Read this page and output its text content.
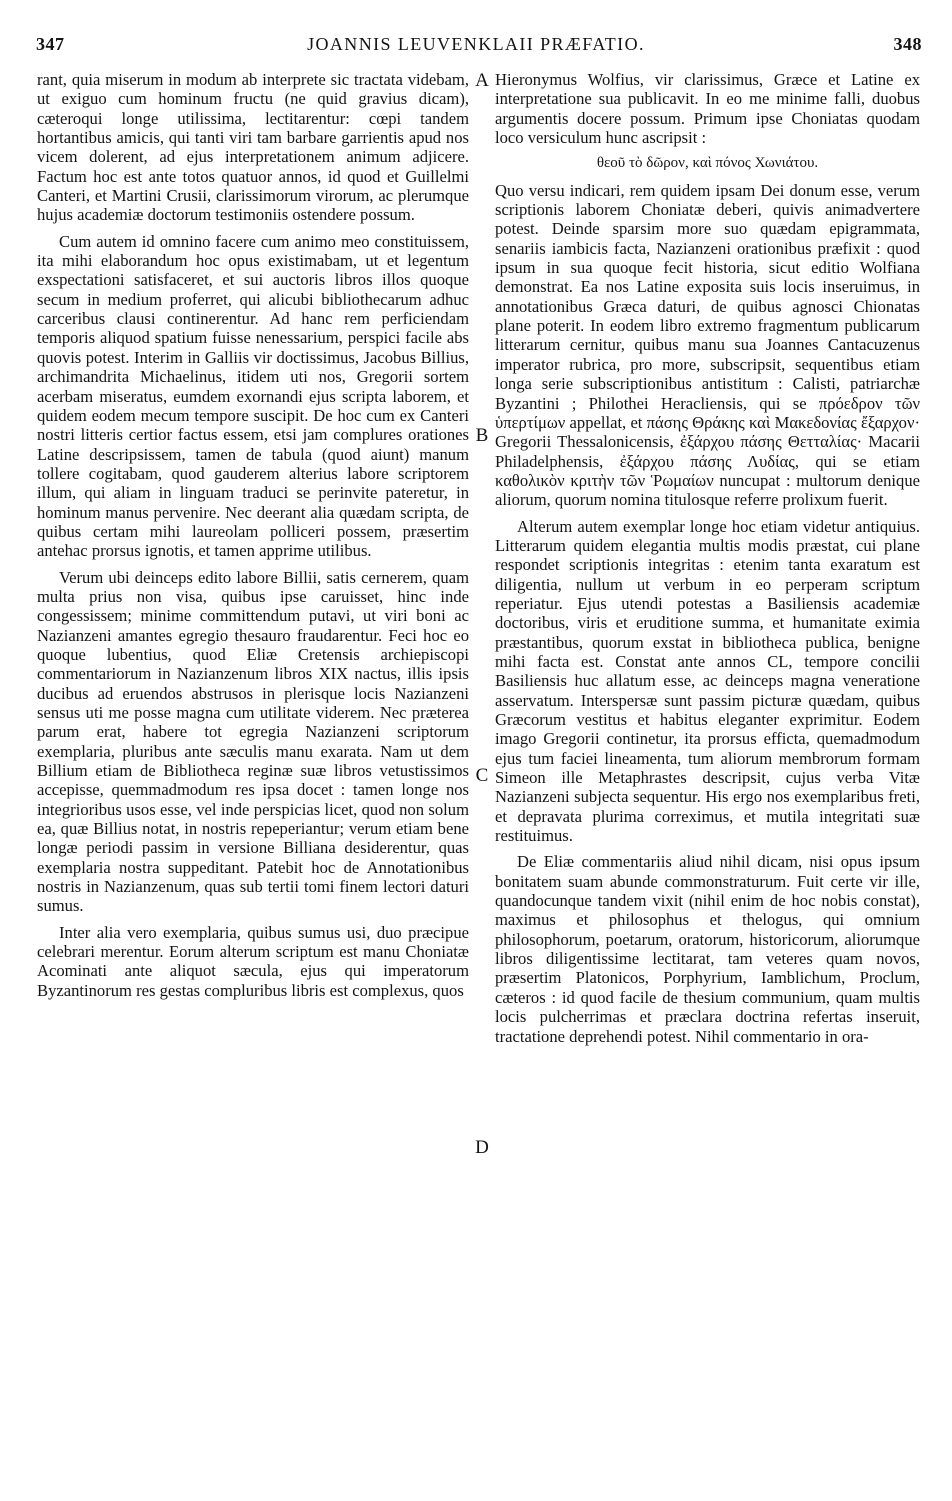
347	JOANNIS LEUVENKLAII PRÆFATIO.	348

rant, quia miserum in modum ab interprete sic tractata videbam, ut exiguo cum hominum fructu (ne quid gravius dicam), cæteroqui longe utilissima, lectitarentur: cœpi tandem hortantibus amicis, qui tanti viri tam barbare garrientis apud nos vicem dolerent, ad ejus interpretationem animum adjicere. Factum hoc est ante totos quatuor annos, id quod et Guillelmi Canteri, et Martini Crusii, clarissimorum virorum, ac plerumque hujus academiæ doctorum testimoniis ostendere possum.

Cum autem id omnino facere cum animo meo constituissem, ita mihi elaborandum hoc opus existimabam, ut et legentum exspectationi satisfaceret, et sui auctoris libros illos quoque secum in medium proferret, qui alicubi bibliothecarum adhuc carceribus clausi continerentur. Ad hanc rem perficiendam temporis aliquod spatium fuisse nenessarium, perspici facile abs quovis potest. Interim in Galliis vir doctissimus, Jacobus Billius, archimandrita Michaelinus, itidem uti nos, Gregorii sortem acerbam miseratus, eumdem exornandi ejus scripta laborem, et quidem eodem mecum tempore suscipit. De hoc cum ex Canteri nostri litteris certior factus essem, etsi jam complures orationes Latine descripsissem, tamen de tabula (quod aiunt) manum tollere cogitabam, quod gauderem alterius labore scriptorem illum, qui aliam in linguam traduci se perinvite pateretur, in hominum manus pervenire. Nec deerant alia quædam scripta, de quibus certam mihi laureolam polliceri possem, præsertim antehac prorsus ignotis, et tamen apprime utilibus.

Verum ubi deinceps edito labore Billii, satis cernerem, quam multa prius non visa, quibus ipse caruisset, hinc inde congessissem; minime committendum putavi, ut viri boni ac Nazianzeni amantes egregio thesauro fraudarentur. Feci hoc eo quoque lubentius, quod Eliæ Cretensis archiepiscopi commentariorum in Nazianzenum libros XIX nactus, illis ipsis ducibus ad eruendos abstrusos in plerisque locis Nazianzeni sensus uti me posse magna cum utilitate viderem. Nec præterea parum erat, habere tot egregia Nazianzeni scriptorum exemplaria, pluribus ante sæculis manu exarata. Nam ut dem Billium etiam de Bibliotheca reginæ suæ libros vetustissimos accepisse, quemmadmodum res ipsa docet : tamen longe nos integrioribus usos esse, vel inde perspicias licet, quod non solum ea, quæ Billius notat, in nostris repeperiantur; verum etiam bene longæ periodi passim in versione Billiana desiderentur, quas exemplaria nostra suppeditant. Patebit hoc de Annotationibus nostris in Nazianzenum, quas sub tertii tomi finem lectori daturi sumus.

Inter alia vero exemplaria, quibus sumus usi, duo præcipue celebrari merentur. Eorum alterum scriptum est manu Choniatæ Acominati ante aliquot sæcula, ejus qui imperatorum Byzantinorum res gestas compluribus libris est complexus, quos

A
B
C
D

Hieronymus Wolfius, vir clarissimus, Græce et Latine ex interpretatione sua publicavit. In eo me minime falli, duobus argumentis docere possum. Primum ipse Choniatas quodam loco versiculum hunc ascripsit :

θεοῦ τὸ δῶρον, καὶ πόνος Χωνιάτου.

Quo versu indicari, rem quidem ipsam Dei donum esse, verum scriptionis laborem Choniatæ deberi, quivis animadvertere potest. Deinde sparsim more suo quædam epigrammata, senariis iambicis facta, Nazianzeni orationibus præfixit : quod ipsum in sua quoque fecit historia, sicut editio Wolfiana demonstrat. Ea nos Latine exposita suis locis inseruimus, in annotationibus Græca daturi, de quibus agnosci Chionatas plane poterit. In eodem libro extremo fragmentum publicarum litterarum cernitur, quibus manu sua Joannes Cantacuzenus imperator rubrica, pro more, subscripsit, sequentibus etiam longa serie subscriptionibus antistitum : Calisti, patriarchæ Byzantini ; Philothei Heracliensis, qui se πρόεδρον τῶν ὑπερτίμων appellat, et πάσης Θράκης καὶ Μακεδονίας ἔξαρχον· Gregorii Thessalonicensis, ἐξάρχου πάσης Θετταλίας· Macarii Philadelphensis, ἐξάρχου πάσης Λυδίας, qui se etiam καθολικὸν κριτὴν τῶν Ῥωμαίων nuncupat : multorum denique aliorum, quorum nomina titulosque referre prolixum fuerit.

Alterum autem exemplar longe hoc etiam videtur antiquius. Litterarum quidem elegantia multis modis præstat, cui plane respondet scriptionis integritas : etenim tanta exaratum est diligentia, nullum ut verbum in eo perperam scriptum reperiatur. Ejus utendi potestas a Basiliensis academiæ doctoribus, viris et eruditione summa, et humanitate eximia præstantibus, quorum exstat in bibliotheca publica, benigne mihi facta est. Constat ante annos CL, tempore concilii Basiliensis huc allatum esse, ac deinceps magna veneratione asservatum. Interspersæ sunt passim picturæ quædam, quibus Græcorum vestitus et habitus eleganter exprimitur. Eodem imago Gregorii continetur, ita prorsus efficta, quemadmodum ejus tum faciei lineamenta, tum aliorum membrorum formam Simeon ille Metaphrastes descripsit, cujus verba Vitæ Nazianzeni subjecta sequentur. His ergo nos exemplaribus freti, et depravata plurima correximus, et mutila integritati suæ restituimus.

De Eliæ commentariis aliud nihil dicam, nisi opus ipsum bonitatem suam abunde commonstraturum. Fuit certe vir ille, quandocunque tandem vixit (nihil enim de hoc nobis constat), maximus et philosophus et thelogus, qui omnium philosophorum, poetarum, oratorum, historicorum, aliorumque libros diligentissime lectitarat, tam veteres quam novos, præsertim Platonicos, Porphyrium, Iamblichum, Proclum, cæteros : id quod facile de thesium communium, quam multis locis pulcherrimas et præclara doctrina refertas inseruit, tractatione deprehendi potest. Nihil commentario in ora-
